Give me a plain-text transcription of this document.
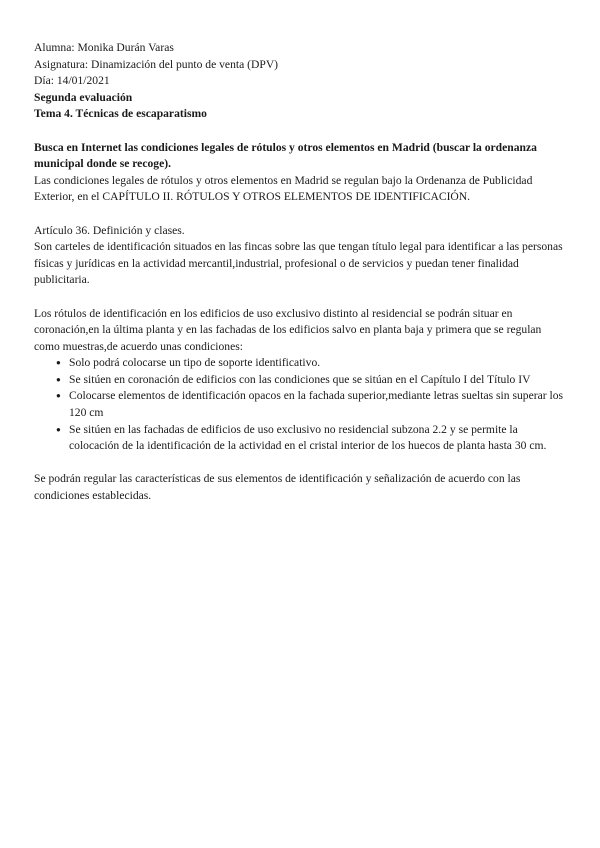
Alumna: Monika Durán Varas
Asignatura: Dinamización del punto de venta (DPV)
Día: 14/01/2021
Segunda evaluación
Tema 4. Técnicas de escaparatismo

Busca en Internet las condiciones legales de rótulos y otros elementos en Madrid (buscar la ordenanza municipal donde se recoge).

Las condiciones legales de rótulos y otros elementos en Madrid se regulan bajo la Ordenanza de Publicidad Exterior, en el CAPÍTULO II. RÓTULOS Y OTROS ELEMENTOS DE IDENTIFICACIÓN.

Artículo 36. Definición y clases.

Son carteles de identificación situados en las fincas sobre las que tengan título legal para identificar a las personas físicas y jurídicas en la actividad mercantil,industrial, profesional o de servicios y puedan tener finalidad publicitaria.

Los rótulos de identificación en los edificios de uso exclusivo distinto al residencial se podrán situar en coronación,en la última planta y en las fachadas de los edificios salvo en planta baja y primera que se regulan como muestras,de acuerdo unas condiciones:

● Solo podrá colocarse un tipo de soporte identificativo.
● Se sitúen en coronación de edificios con las condiciones que se sitúan en el Capítulo I del Título IV
● Colocarse elementos de identificación opacos en la fachada superior,mediante letras sueltas sin superar los 120 cm
● Se sitúen en las fachadas de edificios de uso exclusivo no residencial subzona 2.2 y se permite la colocación de la identificación de la actividad en el cristal interior de los huecos de planta hasta 30 cm.

Se podrán regular las características de sus elementos de identificación y señalización de acuerdo con las condiciones establecidas.
